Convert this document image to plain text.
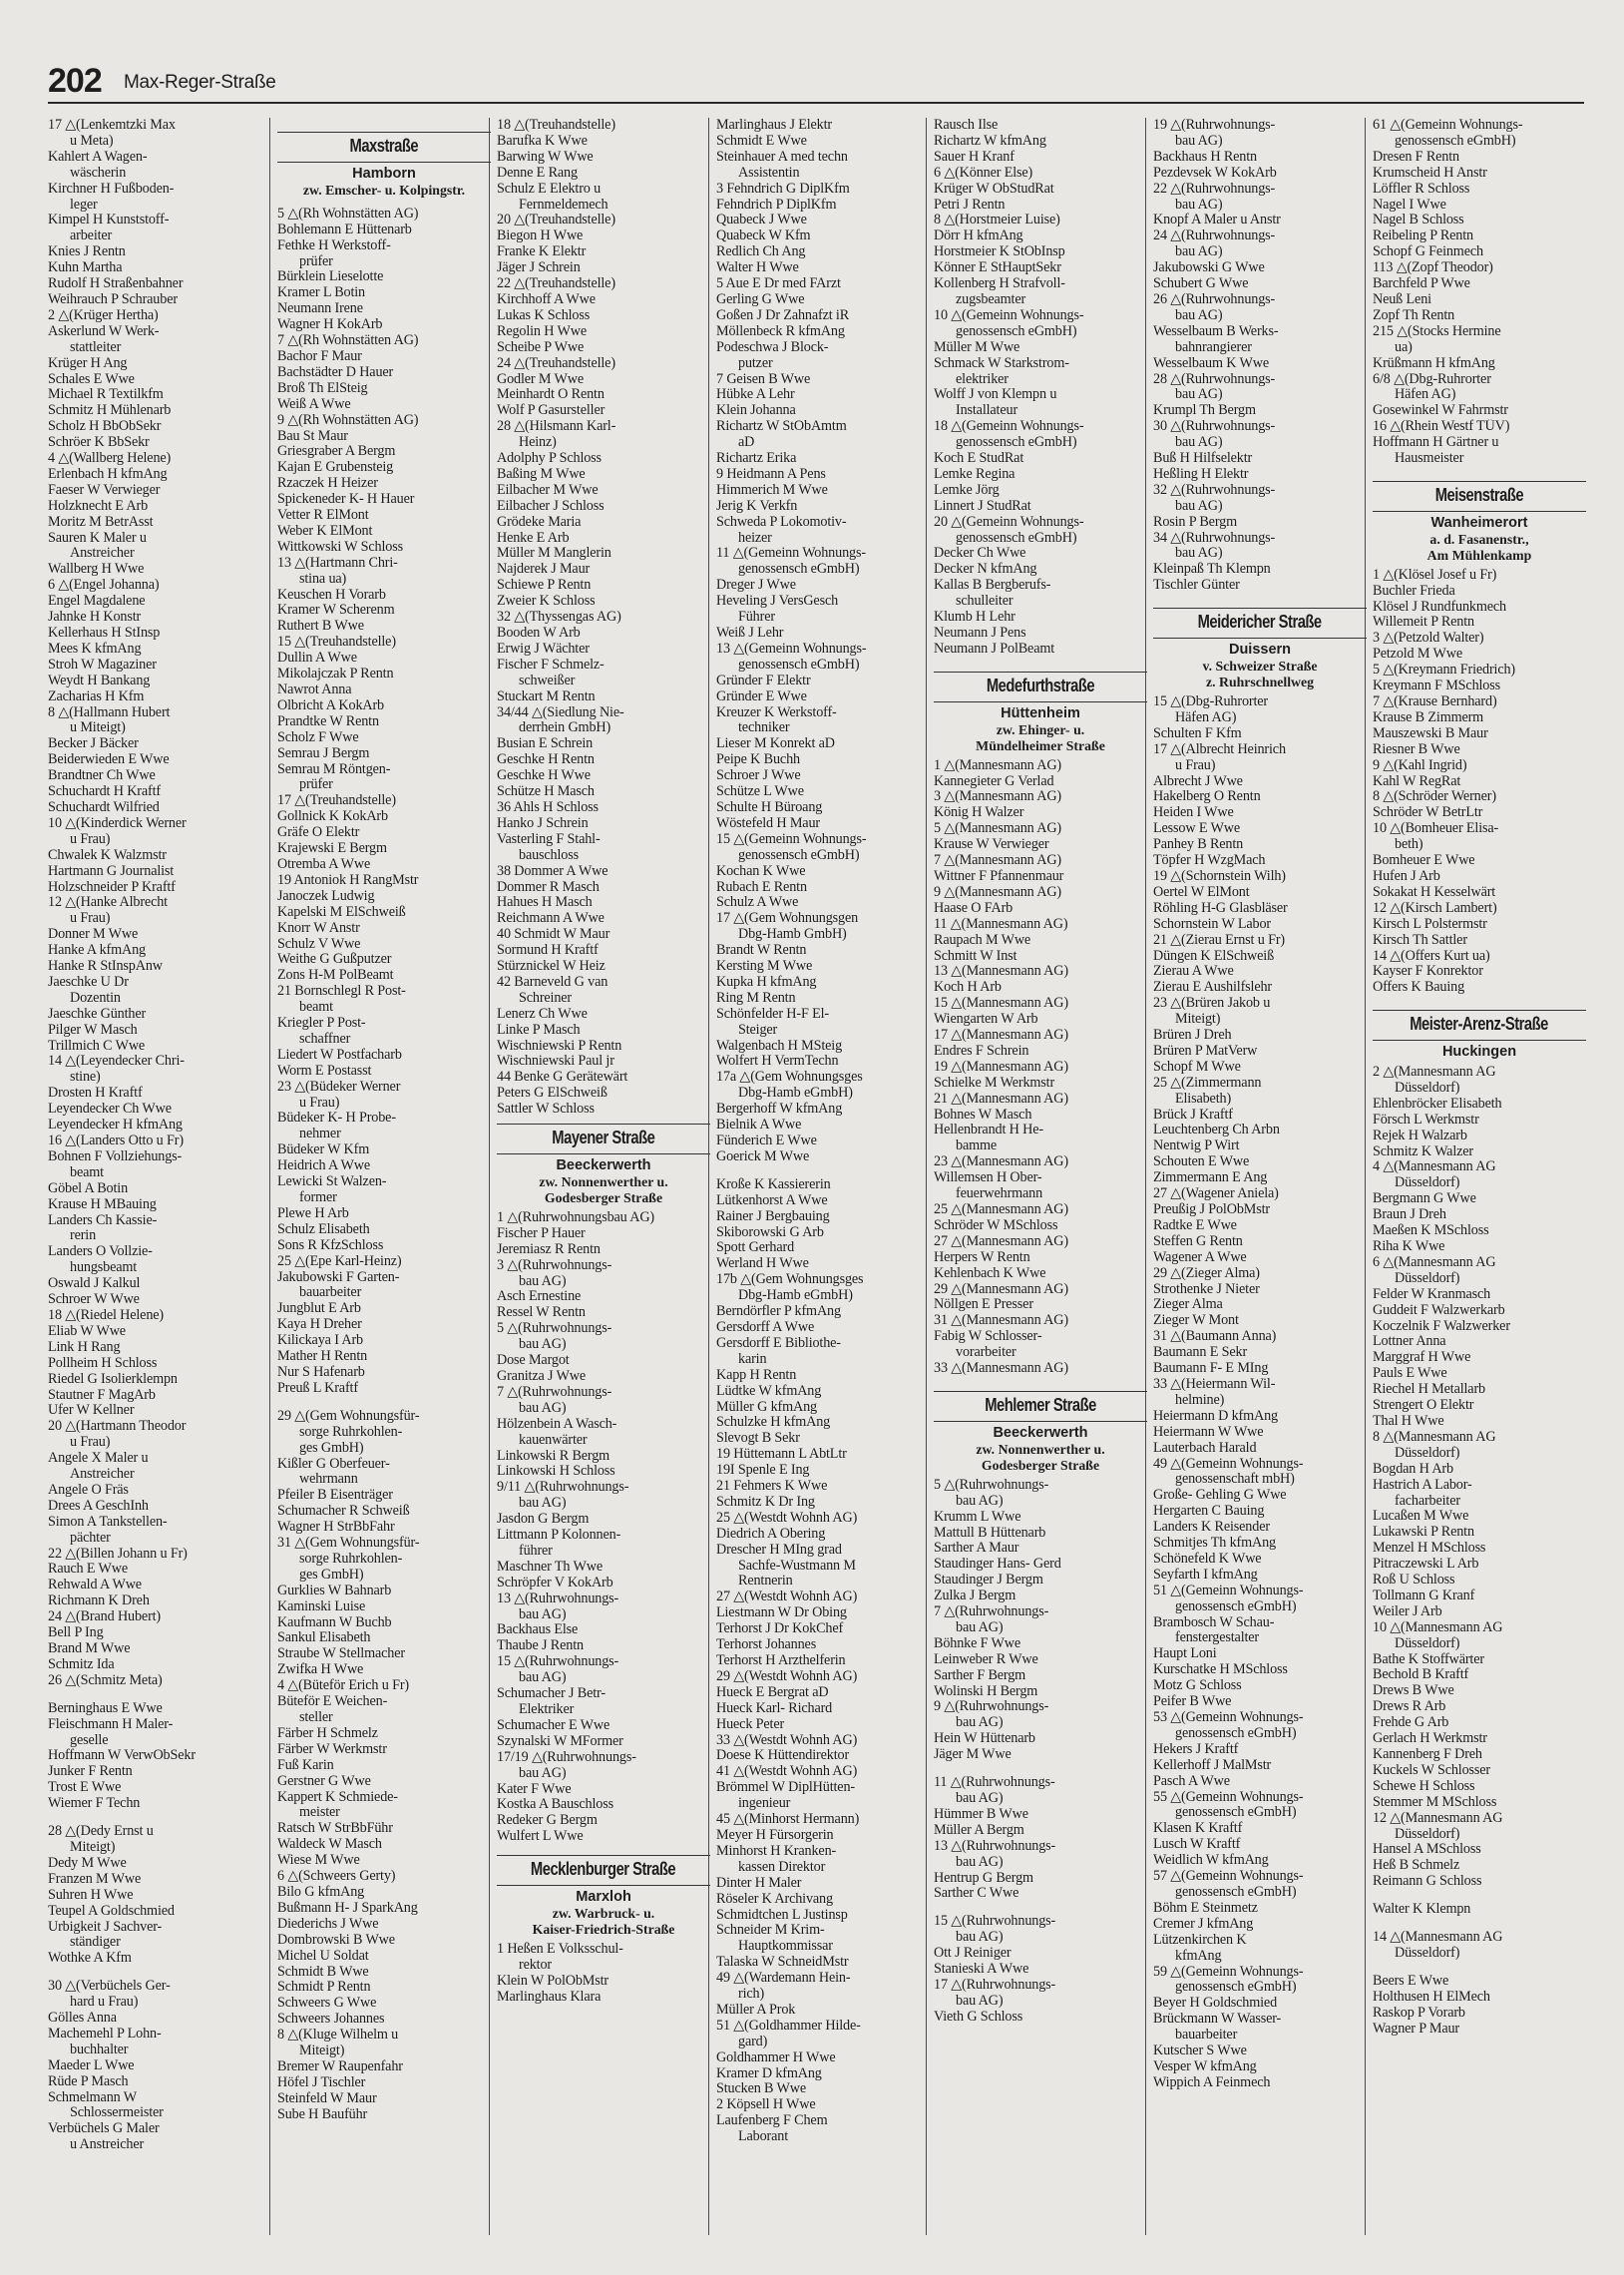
202 Max-Reger-Straße
17 △(Lenkemtzki Max
u Meta)
Kahlert A Wagen-
wäscherin
Kirchner H Fußboden-
leger
Kimpel H Kunststoff-
arbeiter
Knies J Rentn
Kuhn Martha
Rudolf H Straßenbahner
Weihrauch P Schrauber
2 △(Krüger Hertha)
Askerlund W Werk-
stattleiter
Krüger H Ang
Schales E Wwe
Michael R Textilkfm
Schmitz H Mühlenarb
Scholz H BbObSekr
Schröer K BbSekr
4 △(Wallberg Helene)
Erlenbach H kfmAng
Faeser W Verwieger
Holzknecht E Arb
Moritz M BetrAsst
Sauren K Maler u
Anstreicher
Wallberg H Wwe
6 △(Engel Johanna)
Engel Magdalene
Jahnke H Konstr
Kellerhaus H StInsp
Mees K kfmAng
Stroh W Magaziner
Weydt H Bankang
Zacharias H Kfm
8 △(Hallmann Hubert
u Miteigt)
Becker J Bäcker
Beiderwieden E Wwe
Brandtner Ch Wwe
Schuchardt H Kraftf
Schuchardt Wilfried
10 △(Kinderdick Werner
u Frau)
Chwalek K Walzmstr
Hartmann G Journalist
Holzschneider P Kraftf
12 △(Hanke Albrecht
u Frau)
Donner M Wwe
Hanke A kfmAng
Hanke R StInspAnw
Jaeschke U Dr
Dozentin
Jaeschke Günther
Pilger W Masch
Trillmich C Wwe
14 △(Leyendecker Chri-
stine)
Drosten H Kraftf
Leyendecker Ch Wwe
Leyendecker H kfmAng
16 △(Landers Otto u Fr)
Bohnen F Vollziehungs-
beamt
Göbel A Botin
Krause H MBauing
Landers Ch Kassie-
rerin
Landers O Vollzie-
hungsbeamt
Oswald J Kalkul
Schroer W Wwe
18 △(Riedel Helene)
Eliab W Wwe
Link H Rang
Pollheim H Schloss
Riedel G Isolierklempn
Stautner F MagArb
Ufer W Kellner
20 △(Hartmann Theodor
u Frau)
Angele X Maler u
Anstreicher
Angele O Fräs
Drees A GeschInh
Simon A Tankstellen-
pächter
22 △(Billen Johann u Fr)
Rauch E Wwe
Rehwald A Wwe
Richmann K Dreh
24 △(Brand Hubert)
Bell P Ing
Brand M Wwe
Schmitz Ida
26 △(Schmitz Meta)
Berninghaus E Wwe
Fleischmann H Maler-
geselle
Hoffmann W VerwObSekr
Junker F Rentn
Trost E Wwe
Wiemer F Techn
28 △(Dedy Ernst u
Miteigt)
Dedy M Wwe
Franzen M Wwe
Suhren H Wwe
Teupel A Goldschmied
Urbigkeit J Sachver-
ständiger
Wothke A Kfm
30 △(Verbüchels Ger-
hard u Frau)
Gölles Anna
Machemehl P Lohn-
buchhalter
Maeder L Wwe
Rüde P Masch
Schmelmann W
Schlossermeister
Verbüchels G Maler
u Anstreicher
Maxstraße
Hamborn
zw. Emscher- u. Kolpingstr.
5 △(Rh Wohnstätten AG)
Bohlemann E Hüttenarb
Fethke H Werkstoff-
prüfer
Bürklein Lieselotte
Kramer L Botin
Neumann Irene
Wagner H KokArb
7 △(Rh Wohnstätten AG)
Bachor F Maur
Bachstädter D Hauer
Broß Th ElSteig
Weiß A Wwe
9 △(Rh Wohnstätten AG)
Bau St Maur
Griesgraber A Bergm
Kajan E Grubensteig
Rzaczek H Heizer
Spickeneder K- H Hauer
Vetter R ElMont
Weber K ElMont
Wittkowski W Schloss
13 △(Hartmann Chri-
stina ua)
Keuschen H Vorarb
Kramer W Scherenm
Ruthert B Wwe
15 △(Treuhandstelle)
Dullin A Wwe
Mikolajczak P Rentn
Nawrot Anna
Olbricht A KokArb
Prandtke W Rentn
Scholz F Wwe
Semrau J Bergm
Semrau M Röntgen-
prüfer
17 △(Treuhandstelle)
Gollnick K KokArb
Gräfe O Elektr
Krajewski E Bergm
Otremba A Wwe
19 Antoniok H RangMstr
Janoczek Ludwig
Kapelski M ElSchweiß
Knorr W Anstr
Schulz V Wwe
Weithe G Gußputzer
Zons H-M PolBeamt
21 Bornschlegl R Post-
beamt
Kriegler P Post-
schaffner
Liedert W Postfacharb
Worm E Postasst
23 △(Büdeker Werner
u Frau)
Büdeker K- H Probe-
nehmer
Büdeker W Kfm
Heidrich A Wwe
Lewicki St Walzen-
former
Plewe H Arb
Schulz Elisabeth
Sons R KfzSchloss
25 △(Epe Karl-Heinz)
Jakubowski F Garten-
bauarbeiter
Jungblut E Arb
Kaya H Dreher
Kilickaya I Arb
Mather H Rentn
Nur S Hafenarb
Preuß L Kraftf
29 △(Gem Wohnungsfür-
sorge Ruhrkohlen-
ges GmbH)
Kißler G Oberfeuer-
wehrmann
Pfeiler B Eisenträger
Schumacher R Schweiß
Wagner H StrBbFahr
31 △(Gem Wohnungsfür-
sorge Ruhrkohlen-
ges GmbH)
Gurklies W Bahnarb
Kaminski Luise
Kaufmann W Buchb
Sankul Elisabeth
Straube W Stellmacher
Zwifka H Wwe
4 △(Büteför Erich u Fr)
Büteför E Weichen-
steller
Färber H Schmelz
Färber W Werkmstr
Fuß Karin
Gerstner G Wwe
Kappert K Schmiede-
meister
Ratsch W StrBbFühr
Waldeck W Masch
Wiese M Wwe
6 △(Schweers Gerty)
Bilo G kfmAng
Bußmann H- J SparkAng
Diederichs J Wwe
Dombrowski B Wwe
Michel U Soldat
Schmidt B Wwe
Schmidt P Rentn
Schweers G Wwe
Schweers Johannes
8 △(Kluge Wilhelm u
Miteigt)
Bremer W Raupenfahr
Höfel J Tischler
Steinfeld W Maur
Sube H Bauführ
18 △(Treuhandstelle)
Barufka K Wwe
Barwing W Wwe
Denne E Rang
Schulz E Elektro u
Fernmeldemech
20 △(Treuhandstelle)
Biegon H Wwe
Franke K Elektr
Jäger J Schrein
22 △(Treuhandstelle)
Kirchhoff A Wwe
Lukas K Schloss
Regolin H Wwe
Scheibe P Wwe
24 △(Treuhandstelle)
Godler M Wwe
Meinhardt O Rentn
Wolf P Gasursteller
28 △(Hilsmann Karl-
Heinz)
Adolphy P Schloss
Baßing M Wwe
Eilbacher M Wwe
Eilbacher J Schloss
Grödeke Maria
Henke E Arb
Müller M Manglerin
Najderek J Maur
Schiewe P Rentn
Zweier K Schloss
32 △(Thyssengas AG)
Booden W Arb
Erwig J Wächter
Fischer F Schmelz-
schweißer
Stuckart M Rentn
34/44 △(Siedlung Nie-
derrhein GmbH)
Busian E Schrein
Geschke H Rentn
Geschke H Wwe
Schütze H Masch
36 Ahls H Schloss
Hanko J Schrein
Vasterling F Stahl-
bauschloss
38 Dommer A Wwe
Dommer R Masch
Hahues H Masch
Reichmann A Wwe
40 Schmidt W Maur
Sormund H Kraftf
Stürznickel W Heiz
42 Barneveld G van
Schreiner
Lenerz Ch Wwe
Linke P Masch
Wischniewski P Rentn
Wischniewski Paul jr
44 Benke G Gerätewärt
Peters G ElSchweiß
Sattler W Schloss
Mayener Straße
Beeckerwerth
zw. Nonnenwerther u.
Godesberger Straße
1 △(Ruhrwohnungsbau AG)
Fischer P Hauer
Jeremiasz R Rentn
3 △(Ruhrwohnungs-
bau AG)
Asch Ernestine
Ressel W Rentn
5 △(Ruhrwohnungs-
bau AG)
Dose Margot
Granitza J Wwe
7 △(Ruhrwohnungs-
bau AG)
Hölzenbein A Wasch-
kauenwärter
Linkowski R Bergm
Linkowski H Schloss
9/11 △(Ruhrwohnungs-
bau AG)
Jasdon G Bergm
Littmann P Kolonnen-
führer
Maschner Th Wwe
Schröpfer V KokArb
13 △(Ruhrwohnungs-
bau AG)
Backhaus Else
Thaube J Rentn
15 △(Ruhrwohnungs-
bau AG)
Schumacher J Betr-
Elektriker
Schumacher E Wwe
Szynalski W MFormer
17/19 △(Ruhrwohnungs-
bau AG)
Kater F Wwe
Kostka A Bauschloss
Redeker G Bergm
Wulfert L Wwe
Mecklenburger Straße
Marxloh
zw. Warbruck- u.
Kaiser-Friedrich-Straße
1 Heßen E Volksschul-
rektor
Klein W PolObMstr
Marlinghaus Klara
Marlinghaus J Elektr
Schmidt E Wwe
Steinhauer A med techn
Assistentin
3 Fehndrich G DiplKfm
Fehndrich P DiplKfm
Quabeck J Wwe
Quabeck W Kfm
Redlich Ch Ang
Walter H Wwe
5 Aue E Dr med FArzt
Gerling G Wwe
Goßen J Dr Zahnafzt iR
Möllenbeck R kfmAng
Podeschwa J Block-
putzer
7 Geisen B Wwe
Hübke A Lehr
Klein Johanna
Richartz W StObAmtm
aD
Richartz Erika
9 Heidmann A Pens
Himmerich M Wwe
Jerig K Verkfn
Schweda P Lokomotiv-
heizer
11 △(Gemeinn Wohnungs-
genossensch eGmbH)
Dreger J Wwe
Heveling J VersGesch
Führer
Weiß J Lehr
13 △(Gemeinn Wohnungs-
genossensch eGmbH)
Gründer F Elektr
Gründer E Wwe
Kreuzer K Werkstoff-
techniker
Lieser M Konrekt aD
Peipe K Buchh
Schroer J Wwe
Schütze L Wwe
Schulte H Büroang
Wöstefeld H Maur
15 △(Gemeinn Wohnungs-
genossensch eGmbH)
Kochan K Wwe
Rubach E Rentn
Schulz A Wwe
17 △(Gem Wohnungsgen
Dbg-Hamb GmbH)
Brandt W Rentn
Kersting M Wwe
Kupka H kfmAng
Ring M Rentn
Schönfelder H-F El-
Steiger
Walgenbach H MSteig
Wolfert H VermTechn
17a △(Gem Wohnungsges
Dbg-Hamb eGmbH)
Bergerhoff W kfmAng
Bielnik A Wwe
Fünderich E Wwe
Goerick M Wwe
Kroße K Kassiererin
Lütkenhorst A Wwe
Rainer J Bergbauing
Skiborowski G Arb
Spott Gerhard
Werland H Wwe
17b △(Gem Wohnungsges
Dbg-Hamb eGmbH)
Berndörfler P kfmAng
Gersdorff A Wwe
Gersdorff E Bibliothe-
karin
Kapp H Rentn
Lüdtke W kfmAng
Müller G kfmAng
Schulzke H kfmAng
Slevogt B Sekr
19 Hüttemann L AbtLtr
19I Spenle E Ing
21 Fehmers K Wwe
Schmitz K Dr Ing
25 △(Westdt Wohnh AG)
Diedrich A Obering
Drescher H MIng grad
Sachfe-Wustmann M
Rentnerin
27 △(Westdt Wohnh AG)
Liestmann W Dr Obing
Terhorst J Dr KokChef
Terhorst Johannes
Terhorst H Arzthelferin
29 △(Westdt Wohnh AG)
Hueck E Bergrat aD
Hueck Karl- Richard
Hueck Peter
33 △(Westdt Wohnh AG)
Doese K Hüttendirektor
41 △(Westdt Wohnh AG)
Brömmel W DiplHütten-
ingenieur
45 △(Minhorst Hermann)
Meyer H Fürsorgerin
Minhorst H Kranken-
kassen Direktor
Dinter H Maler
Röseler K Archivang
Schmidtchen L Justinsp
Schneider M Krim-
Hauptkommissar
Talaska W SchneidMstr
49 △(Wardemann Hein-
rich)
Müller A Prok
51 △(Goldhammer Hilde-
gard)
Goldhammer H Wwe
Kramer D kfmAng
Stucken B Wwe
2 Köpsell H Wwe
Laufenberg F Chem
Laborant
Rausch Ilse
Richartz W kfmAng
Sauer H Kranf
6 △(Könner Else)
Krüger W ObStudRat
Petri J Rentn
8 △(Horstmeier Luise)
Dörr H kfmAng
Horstmeier K StObInsp
Könner E StHauptSekr
Kollenberg H Strafvoll-
zugsbeamter
10 △(Gemeinn Wohnungs-
genossensch eGmbH)
Müller M Wwe
Schmack W Starkstrom-
elektriker
Wolff J von Klempn u
Installateur
18 △(Gemeinn Wohnungs-
genossensch eGmbH)
Koch E StudRat
Lemke Regina
Lemke Jörg
Linnert J StudRat
20 △(Gemeinn Wohnungs-
genossensch eGmbH)
Decker Ch Wwe
Decker N kfmAng
Kallas B Bergberufs-
schulleiter
Klumb H Lehr
Neumann J Pens
Neumann J PolBeamt
Medefurthstraße
Hüttenheim
zw. Ehinger- u.
Mündelheimer Straße
1 △(Mannesmann AG)
Kannegieter G Verlad
3 △(Mannesmann AG)
König H Walzer
5 △(Mannesmann AG)
Krause W Verwieger
7 △(Mannesmann AG)
Wittner F Pfannenmaur
9 △(Mannesmann AG)
Haase O FArb
11 △(Mannesmann AG)
Raupach M Wwe
Schmitt W Inst
13 △(Mannesmann AG)
Koch H Arb
15 △(Mannesmann AG)
Wiengarten W Arb
17 △(Mannesmann AG)
Endres F Schrein
19 △(Mannesmann AG)
Schielke M Werkmstr
21 △(Mannesmann AG)
Bohnes W Masch
Hellenbrandt H He-
bamme
23 △(Mannesmann AG)
Willemsen H Ober-
feuerwehrmann
25 △(Mannesmann AG)
Schröder W MSchloss
27 △(Mannesmann AG)
Herpers W Rentn
Kehlenbach K Wwe
29 △(Mannesmann AG)
Nöllgen E Presser
31 △(Mannesmann AG)
Fabig W Schlosser-
vorarbeiter
33 △(Mannesmann AG)
Mehlemer Straße
Beeckerwerth
zw. Nonnenwerther u.
Godesberger Straße
5 △(Ruhrwohnungs-
bau AG)
Krumm L Wwe
Mattull B Hüttenarb
Sarther A Maur
Staudinger Hans- Gerd
Staudinger J Bergm
Zulka J Bergm
7 △(Ruhrwohnungs-
bau AG)
Böhnke F Wwe
Leinweber R Wwe
Sarther F Bergm
Wolinski H Bergm
9 △(Ruhrwohnungs-
bau AG)
Hein W Hüttenarb
Jäger M Wwe
11 △(Ruhrwohnungs-
bau AG)
Hümmer B Wwe
Müller A Bergm
13 △(Ruhrwohnungs-
bau AG)
Hentrup G Bergm
Sarther C Wwe
15 △(Ruhrwohnungs-
bau AG)
Ott J Reiniger
Stanieski A Wwe
17 △(Ruhrwohnungs-
bau AG)
Vieth G Schloss
19 △(Ruhrwohnungs-
bau AG)
Backhaus H Rentn
Pezdevsek W KokArb
22 △(Ruhrwohnungs-
bau AG)
Knopf A Maler u Anstr
24 △(Ruhrwohnungs-
bau AG)
Jakubowski G Wwe
Schubert G Wwe
26 △(Ruhrwohnungs-
bau AG)
Wesselbaum B Werks-
bahnrangierer
Wesselbaum K Wwe
28 △(Ruhrwohnungs-
bau AG)
Krumpl Th Bergm
30 △(Ruhrwohnungs-
bau AG)
Buß H Hilfselektr
Heßling H Elektr
32 △(Ruhrwohnungs-
bau AG)
Rosin P Bergm
34 △(Ruhrwohnungs-
bau AG)
Kleinpaß Th Klempn
Tischler Günter
Meidericher Straße
Duissern
v. Schweizer Straße
z. Ruhrschnellweg
15 △(Dbg-Ruhrorter
Häfen AG)
Schulten F Kfm
17 △(Albrecht Heinrich
u Frau)
Albrecht J Wwe
Hakelberg O Rentn
Heiden I Wwe
Lessow E Wwe
Panhey B Rentn
Töpfer H WzgMach
19 △(Schornstein Wilh)
Oertel W ElMont
Röhling H-G Glasbläser
Schornstein W Labor
21 △(Zierau Ernst u Fr)
Düngen K ElSchweiß
Zierau A Wwe
Zierau E Aushilfslehr
23 △(Brüren Jakob u
Miteigt)
Brüren J Dreh
Brüren P MatVerw
Schopf M Wwe
25 △(Zimmermann
Elisabeth)
Brück J Kraftf
Leuchtenberg Ch Arbn
Nentwig P Wirt
Schouten E Wwe
Zimmermann E Ang
27 △(Wagener Aniela)
Preußig J PolObMstr
Radtke E Wwe
Steffen G Rentn
Wagener A Wwe
29 △(Zieger Alma)
Strothenke J Nieter
Zieger Alma
Zieger W Mont
31 △(Baumann Anna)
Baumann E Sekr
Baumann F- E MIng
33 △(Heiermann Wil-
helmine)
Heiermann D kfmAng
Heiermann W Wwe
Lauterbach Harald
49 △(Gemeinn Wohnungs-
genossenschaft mbH)
Große- Gehling G Wwe
Hergarten C Bauing
Landers K Reisender
Schmitjes Th kfmAng
Schönefeld K Wwe
Seyfarth I kfmAng
51 △(Gemeinn Wohnungs-
genossensch eGmbH)
Brambosch W Schau-
fenstergestalter
Haupt Loni
Kurschatke H MSchloss
Motz G Schloss
Peifer B Wwe
53 △(Gemeinn Wohnungs-
genossensch eGmbH)
Hekers J Kraftf
Kellerhoff J MalMstr
Pasch A Wwe
55 △(Gemeinn Wohnungs-
genossensch eGmbH)
Klasen K Kraftf
Lusch W Kraftf
Weidlich W kfmAng
57 △(Gemeinn Wohnungs-
genossensch eGmbH)
Böhm E Steinmetz
Cremer J kfmAng
Lützenkirchen K
kfmAng
59 △(Gemeinn Wohnungs-
genossensch eGmbH)
Beyer H Goldschmied
Brückmann W Wasser-
bauarbeiter
Kutscher S Wwe
Vesper W kfmAng
Wippich A Feinmech
61 △(Gemeinn Wohnungs-
genossensch eGmbH)
Dresen F Rentn
Krumscheid H Anstr
Löffler R Schloss
Nagel I Wwe
Nagel B Schloss
Reibeling P Rentn
Schopf G Feinmech
113 △(Zopf Theodor)
Barchfeld P Wwe
Neuß Leni
Zopf Th Rentn
215 △(Stocks Hermine
ua)
Krüßmann H kfmAng
6/8 △(Dbg-Ruhrorter
Häfen AG)
Gosewinkel W Fahrmstr
16 △(Rhein Westf TÜV)
Hoffmann H Gärtner u
Hausmeister
Meisenstraße
Wanheimerort
a. d. Fasanenstr.,
Am Mühlenkamp
1 △(Klösel Josef u Fr)
Buchler Frieda
Klösel J Rundfunkmech
Willemeit P Rentn
3 △(Petzold Walter)
Petzold M Wwe
5 △(Kreymann Friedrich)
Kreymann F MSchloss
7 △(Krause Bernhard)
Krause B Zimmerm
Mauszewski B Maur
Riesner B Wwe
9 △(Kahl Ingrid)
Kahl W RegRat
8 △(Schröder Werner)
Schröder W BetrLtr
10 △(Bomheuer Elisa-
beth)
Bomheuer E Wwe
Hufen J Arb
Sokakat H Kesselwärt
12 △(Kirsch Lambert)
Kirsch L Polstermstr
Kirsch Th Sattler
14 △(Offers Kurt ua)
Kayser F Konrektor
Offers K Bauing
Meister-Arenz-Straße
Huckingen
2 △(Mannesmann AG
Düsseldorf)
Ehlenbröcker Elisabeth
Försch L Werkmstr
Rejek H Walzarb
Schmitz K Walzer
4 △(Mannesmann AG
Düsseldorf)
Bergmann G Wwe
Braun J Dreh
Maeßen K MSchloss
Riha K Wwe
6 △(Mannesmann AG
Düsseldorf)
Felder W Kranmasch
Guddeit F Walzwerkarb
Koczelnik F Walzwerker
Lottner Anna
Marggraf H Wwe
Pauls E Wwe
Riechel H Metallarb
Strengert O Elektr
Thal H Wwe
8 △(Mannesmann AG
Düsseldorf)
Bogdan H Arb
Hastrich A Labor-
facharbeiter
Lucaßen M Wwe
Lukawski P Rentn
Menzel H MSchloss
Pitraczewski L Arb
Roß U Schloss
Tollmann G Kranf
Weiler J Arb
10 △(Mannesmann AG
Düsseldorf)
Bathe K Stoffwärter
Bechold B Kraftf
Drews B Wwe
Drews R Arb
Frehde G Arb
Gerlach H Werkmstr
Kannenberg F Dreh
Kuckels W Schlosser
Schewe H Schloss
Stemmer M MSchloss
12 △(Mannesmann AG
Düsseldorf)
Hansel A MSchloss
Heß B Schmelz
Reimann G Schloss
Walter K Klempn
14 △(Mannesmann AG
Düsseldorf)
Beers E Wwe
Holthusen H ElMech
Raskop P Vorarb
Wagner P Maur
